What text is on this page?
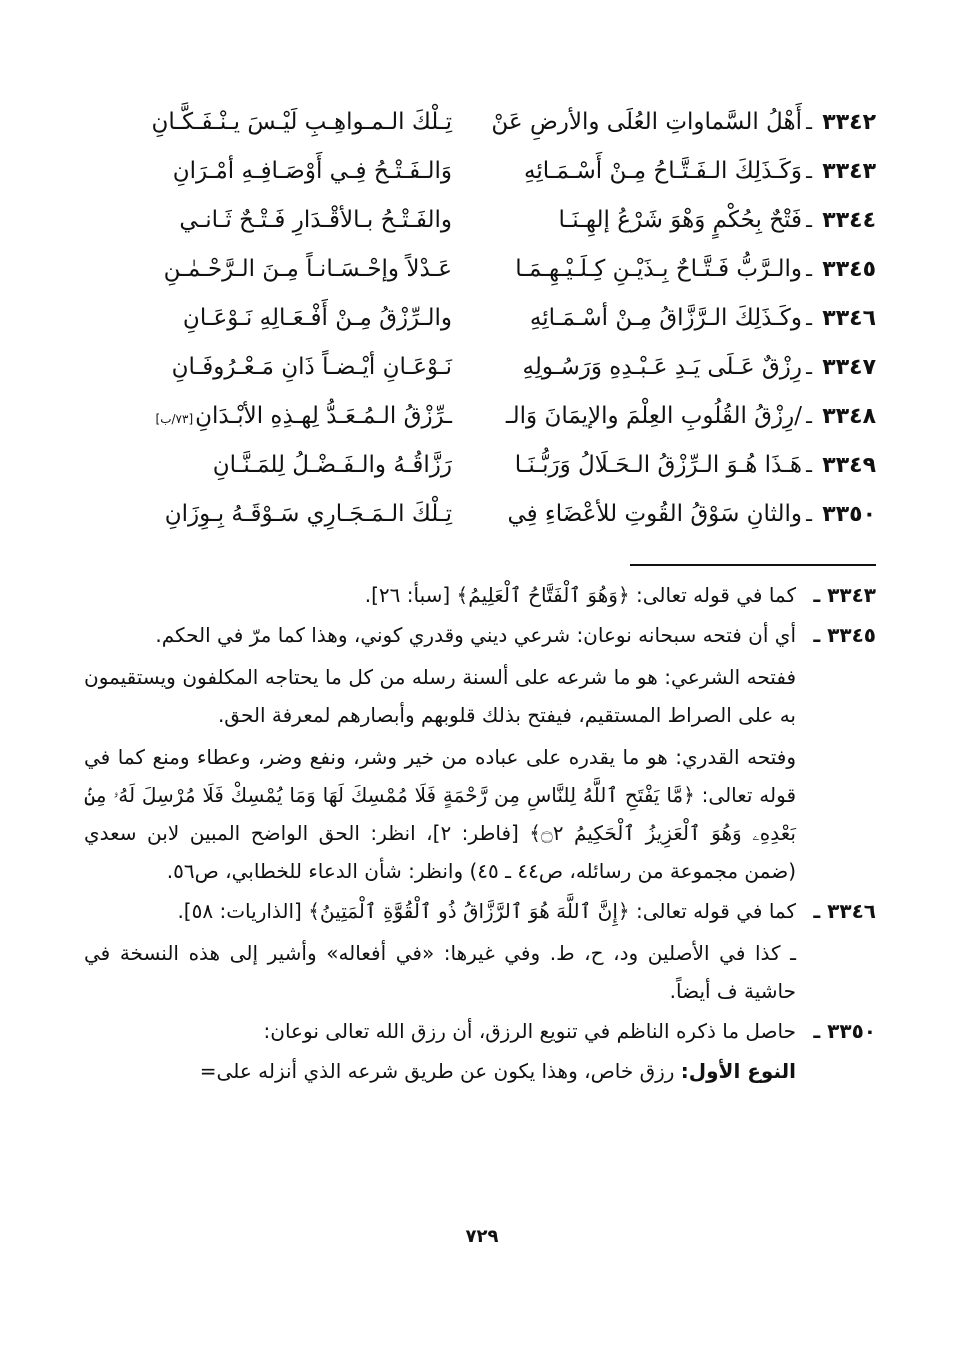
٣٣٤٢
ـ
أَهْلُ السَّماواتِ العُلَى والأرضِ عَنْ
تِـلْكَ الـمـواهِـبِ لَيْـسَ يـنْـفَـكَّـانِ
٣٣٤٣
ـ
وَكَـذَلِكَ الـفَـتَّـاحُ مِـنْ أَسْـمَـائِهِ
وَالـفَـتْـحُ فِـي أَوْصَـافِـهِ أمْـرَانِ
٣٣٤٤
ـ
فَتْحٌ بِحُكْمٍ وَهْوَ شَرْعُ إلهِـنَـا
والفَـتْـحُ بـالأقْـدَارِ فَـتْـحٌ ثَـانـي
٣٣٤٥
ـ
والـرَّبُّ فَـتَّـاحٌ بِـذَيْـنِ كِـلَـيْـهِـمَـا
عَـدْلاً وإحْـسَـانـاً مِـنَ الـرَّحْـمٰـنِ
٣٣٤٦
ـ
وكَـذَلِكَ الـرَّزَّاقُ مِـنْ أسْـمَـائِهِ
والـرِّزْقُ مِـنْ أَفْـعَـالِهِ نَـوْعَـانِ
٣٣٤٧
ـ
رِزْقٌ عَـلَى يَـدِ عَـبْـدِهِ وَرَسُـولِهِ
نَـوْعَـانِ أيْـضـاً ذَانِ مَـعْـرُوفَـانِ
٣٣٤٨
ـ
/رِزْقُ القُلُوبِ العِلْمَ والإيمَانَ وَالـ
ـرِّزْقُ الـمُـعَـدُّ لِهـذِهِ الأبْـدَانِ[٧٣/ب]
٣٣٤٩
ـ
هَـذَا هُـوَ الـرِّزْقُ الـحَـلَالُ وَرَبُّـنَـا
رَزَّاقُـهُ والـفَـضْـلُ لِلمَـنَّـانِ
٣٣٥٠
ـ
والثانِ سَوْقُ القُوتِ للأعْضَاءِ فِي
تِـلْكَ الـمَـجَـارِي سَـوْقَـهُ بِـوِزَانِ
٣٣٤٣ ـ

كما في قوله تعالى: ﴿وَهُوَ ٱلْفَتَّاحُ ٱلْعَلِيمُ﴾ [سبأ: ٢٦].

٣٣٤٥ ـ

أي أن فتحه سبحانه نوعان: شرعي ديني وقدري كوني، وهذا كما مرّ في الحكم.

ففتحه الشرعي: هو ما شرعه على ألسنة رسله من كل ما يحتاجه المكلفون ويستقيمون به على الصراط المستقيم، فيفتح بذلك قلوبهم وأبصارهم لمعرفة الحق.

وفتحه القدري: هو ما يقدره على عباده من خير وشر، ونفع وضر، وعطاء ومنع كما في قوله تعالى: ﴿مَّا يَفْتَحِ ٱللَّهُ لِلنَّاسِ مِن رَّحْمَةٍ فَلَا مُمْسِكَ لَهَا وَمَا يُمْسِكْ فَلَا مُرْسِلَ لَهُۥ مِنۢ بَعْدِهِۦ وَهُوَ ٱلْعَزِيزُ ٱلْحَكِيمُ ۝٢﴾ [فاطر: ٢]، انظر: الحق الواضح المبين لابن سعدي (ضمن مجموعة من رسائله، ص٤٤ ـ ٤٥) وانظر: شأن الدعاء للخطابي، ص٥٦.

٣٣٤٦ ـ

كما في قوله تعالى: ﴿إِنَّ ٱللَّهَ هُوَ ٱلرَّزَّاقُ ذُو ٱلْقُوَّةِ ٱلْمَتِينُ﴾ [الذاريات: ٥٨].

ـ كذا في الأصلين ود، ح، ط. وفي غيرها: «في أفعاله» وأشير إلى هذه النسخة في حاشية ف أيضاً.

٣٣٥٠ ـ

حاصل ما ذكره الناظم في تنويع الرزق، أن رزق الله تعالى نوعان:

النوع الأول: رزق خاص، وهذا يكون عن طريق شرعه الذي أنزله على=

٧٢٩
